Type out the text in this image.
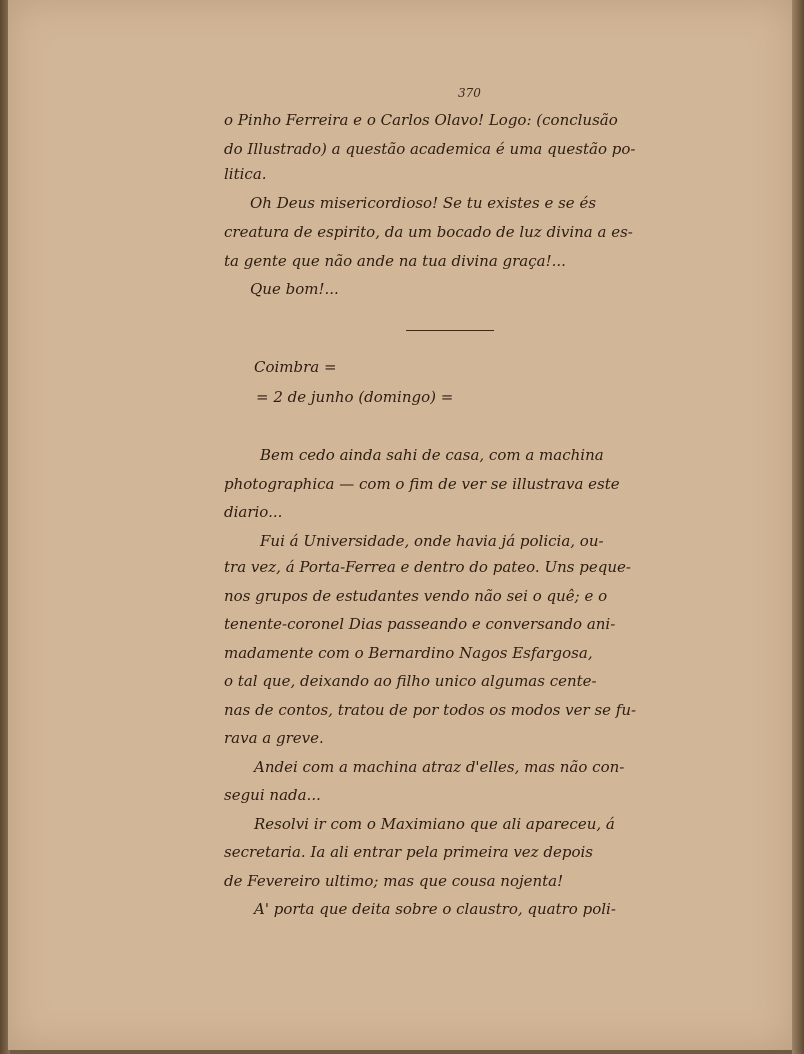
370
o Pinho Ferreira e o Carlos Olavo! Logo: (conclusão
do Illustrado) a questão academica é uma questão po-
litica.
Oh Deus misericordioso! Se tu existes e se és
creatura de espirito, da um bocado de luz divina a es-
ta gente que não ande na tua divina graça!...
Que bom!...
Coimbra =
= 2 de junho (domingo) =
Bem cedo ainda sahi de casa, com a machina
photographica — com o fim de ver se illustrava este
diario...
Fui á Universidade, onde havia já policia, ou-
tra vez, á Porta-Ferrea e dentro do pateo. Uns peque-
nos grupos de estudantes vendo não sei o quê; e o
tenente-coronel Dias passeando e conversando ani-
madamente com o Bernardino Nagos Esfargosa,
o tal que, deixando ao filho unico algumas cente-
nas de contos, tratou de por todos os modos ver se fu-
rava a greve.
Andei com a machina atraz d'elles, mas não con-
segui nada...
Resolvi ir com o Maximiano que ali apareceu, á
secretaria. Ia ali entrar pela primeira vez depois
de Fevereiro ultimo; mas que cousa nojenta!
A' porta que deita sobre o claustro, quatro poli-
